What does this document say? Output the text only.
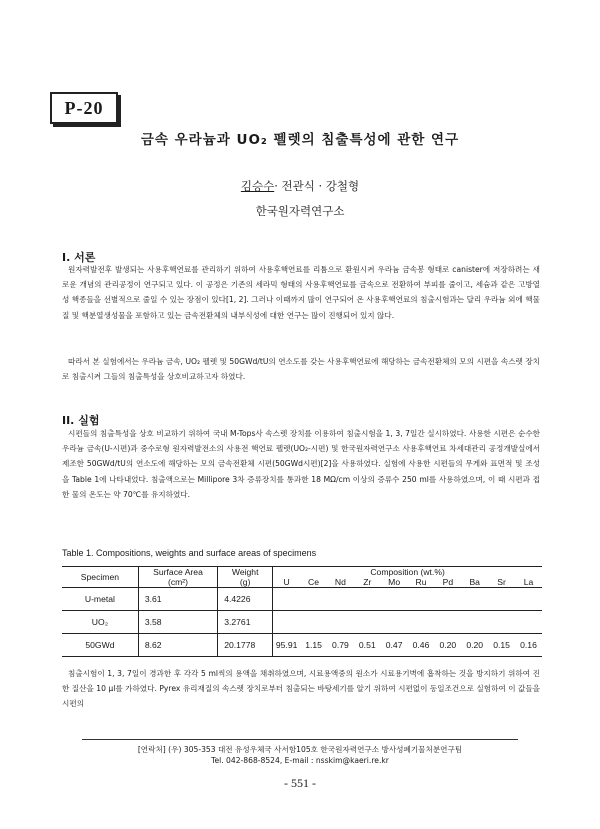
P-20
금속 우라늄과 UO₂ 펠렛의 침출특성에 관한 연구
김승수· 전관식 · 강철형
한국원자력연구소
I. 서론
원자력발전후 발생되는 사용후핵연료를 관리하기 위하여 사용후핵연료를 리튬으로 환원시켜 우라늄 금속봉 형태로 canister에 저장하려는 새로운 개념의 관리공정이 연구되고 있다. 이 공정은 기존의 세라믹 형태의 사용후핵연료를 금속으로 전환하여 부피를 줄이고, 세슘과 같은 고방열성 핵종들을 선별적으로 줄일 수 있는 장점이 있다[1, 2]. 그러나 이때까지 많이 연구되어 온 사용후핵연료의 침출시험과는 달리 우라늄 외에 핵물질 및 핵분열생성물을 포함하고 있는 금속전환체의 내부식성에 대한 연구는 많이 진행되어 있지 않다.
따라서 본 실험에서는 우라늄 금속, UO₂ 펠렛 및 50GWd/tU의 연소도를 갖는 사용후핵연료에 해당하는 금속전환체의 모의 시편을 속스렛 장치로 침출시켜 그들의 침출특성을 상호비교하고자 하였다.
II. 실험
시편들의 침출특성을 상호 비교하기 위하여 국내 M-Tops사 속스렛 장치를 이용하여 침출시험을 1, 3, 7일간 실시하였다. 사용한 시편은 순수한 우라늄 금속(U-시편)과 중수로형 원자력발전소의 사용전 핵연료 펠렛(UO₂-시편) 및 한국원자력연구소 사용후핵연료 차세대관리 공정개발실에서 제조한 50GWd/tU의 연소도에 해당하는 모의 금속전환체 시편(50GWd시편)[2]을 사용하였다. 실험에 사용한 시편들의 무게와 표면적 및 조성을 Table 1에 나타내었다. 침출액으로는 Millipore 3차 증류장치를 통과한 18 MΩ/cm 이상의 증류수 250 ml를 사용하였으며, 이 때 시편과 접한 물의 온도는 약 70℃를 유지하였다.
Table 1. Compositions, weights and surface areas of specimens
Specimen	Surface Area	Weight	Composition (wt.%)									
	(cm²)	(g)	U	Ce	Nd	Zr	Mo	Ru	Pd	Ba	Sr	La
U-metal	3.61	4.4226										
UO₂	3.58	3.2761										
50GWd	8.62	20.1778	95.91	1.15	0.79	0.51	0.47	0.46	0.20	0.20	0.15	0.16
침출시험이 1, 3, 7일이 경과한 후 각각 5 ml씩의 용액을 채취하였으며, 시료용액중의 원소가 시료용기벽에 흡착하는 것을 방지하기 위하여 진한 질산을 10 μl를 가하였다. Pyrex 유리재질의 속스렛 장치로부터 침출되는 바탕세기를 알기 위하여 시편없이 동일조건으로 실험하여 이 값들을 시편의
[연락처] (우) 305-353 대전 유성우체국 사서함105호 한국원자력연구소 방사성폐기물처분연구팀
Tel. 042-868-8524, E-mail : nsskim@kaeri.re.kr
- 551 -
